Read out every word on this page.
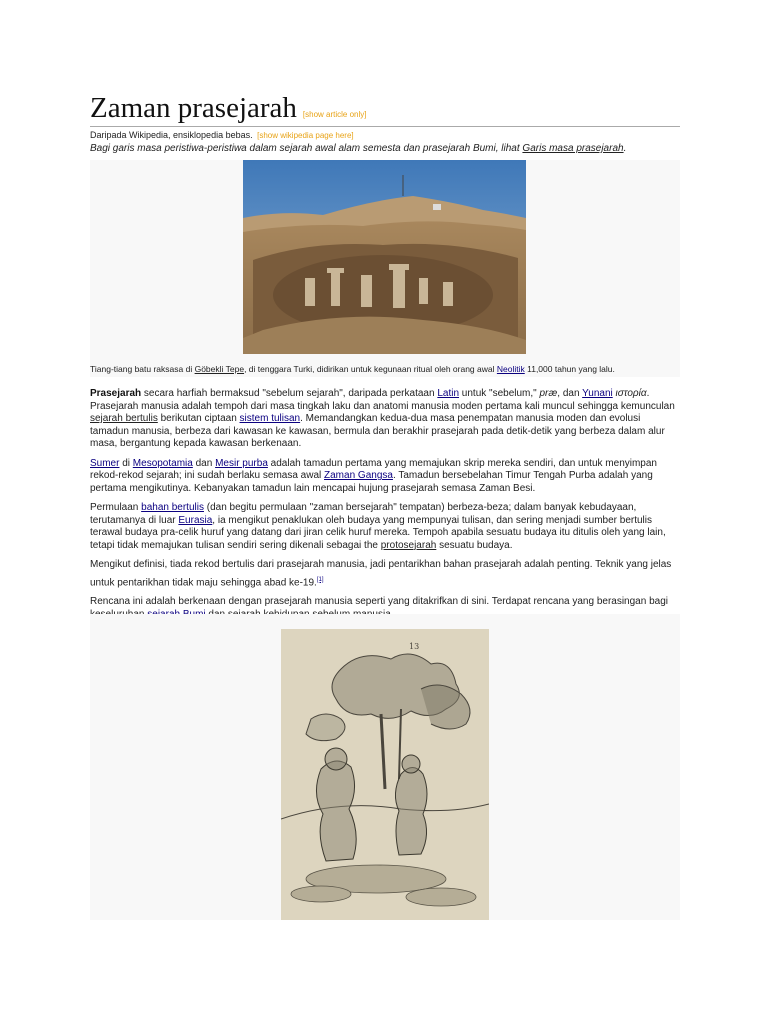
Zaman prasejarah [show article only]
Daripada Wikipedia, ensiklopedia bebas. [show wikipedia page here]
Bagi garis masa peristiwa-peristiwa dalam sejarah awal alam semesta dan prasejarah Bumi, lihat Garis masa prasejarah.
Tiang-tiang batu raksasa di Göbekli Tepe, di tenggara Turki, didirikan untuk kegunaan ritual oleh orang awal Neolitik 11,000 tahun yang lalu.

Prasejarah secara harfiah bermaksud "sebelum sejarah", daripada perkataan Latin untuk "sebelum," præ, dan Yunani ιστορία. Prasejarah manusia adalah tempoh dari masa tingkah laku dan anatomi manusia moden pertama kali muncul sehingga kemunculan sejarah bertulis berikutan ciptaan sistem tulisan. Memandangkan kedua-dua masa penempatan manusia moden dan evolusi tamadun manusia, berbeza dari kawasan ke kawasan, bermula dan berakhir prasejarah pada detik-detik yang berbeza dalam alur masa, bergantung kepada kawasan berkenaan.

Sumer di Mesopotamia dan Mesir purba adalah tamadun pertama yang memajukan skrip mereka sendiri, dan untuk menyimpan rekod-rekod sejarah; ini sudah berlaku semasa awal Zaman Gangsa. Tamadun bersebelahan Timur Tengah Purba adalah yang pertama mengikutinya. Kebanyakan tamadun lain mencapai hujung prasejarah semasa Zaman Besi.

Permulaan bahan bertulis (dan begitu permulaan "zaman bersejarah" tempatan) berbeza-beza; dalam banyak kebudayaan, terutamanya di luar Eurasia, ia mengikut penaklukan oleh budaya yang mempunyai tulisan, dan sering menjadi sumber bertulis terawal budaya pra-celik huruf yang datang dari jiran celik huruf mereka. Tempoh apabila sesuatu budaya itu ditulis oleh yang lain, tetapi tidak memajukan tulisan sendiri sering dikenali sebagai the protosejarah sesuatu budaya.

Mengikut definisi, tiada rekod bertulis dari prasejarah manusia, jadi pentarikhan bahan prasejarah adalah penting. Teknik yang jelas untuk pentarikhan tidak maju sehingga abad ke-19.[1]

Rencana ini adalah berkenaan dengan prasejarah manusia seperti yang ditakrifkan di sini. Terdapat rencana yang berasingan bagi

13
